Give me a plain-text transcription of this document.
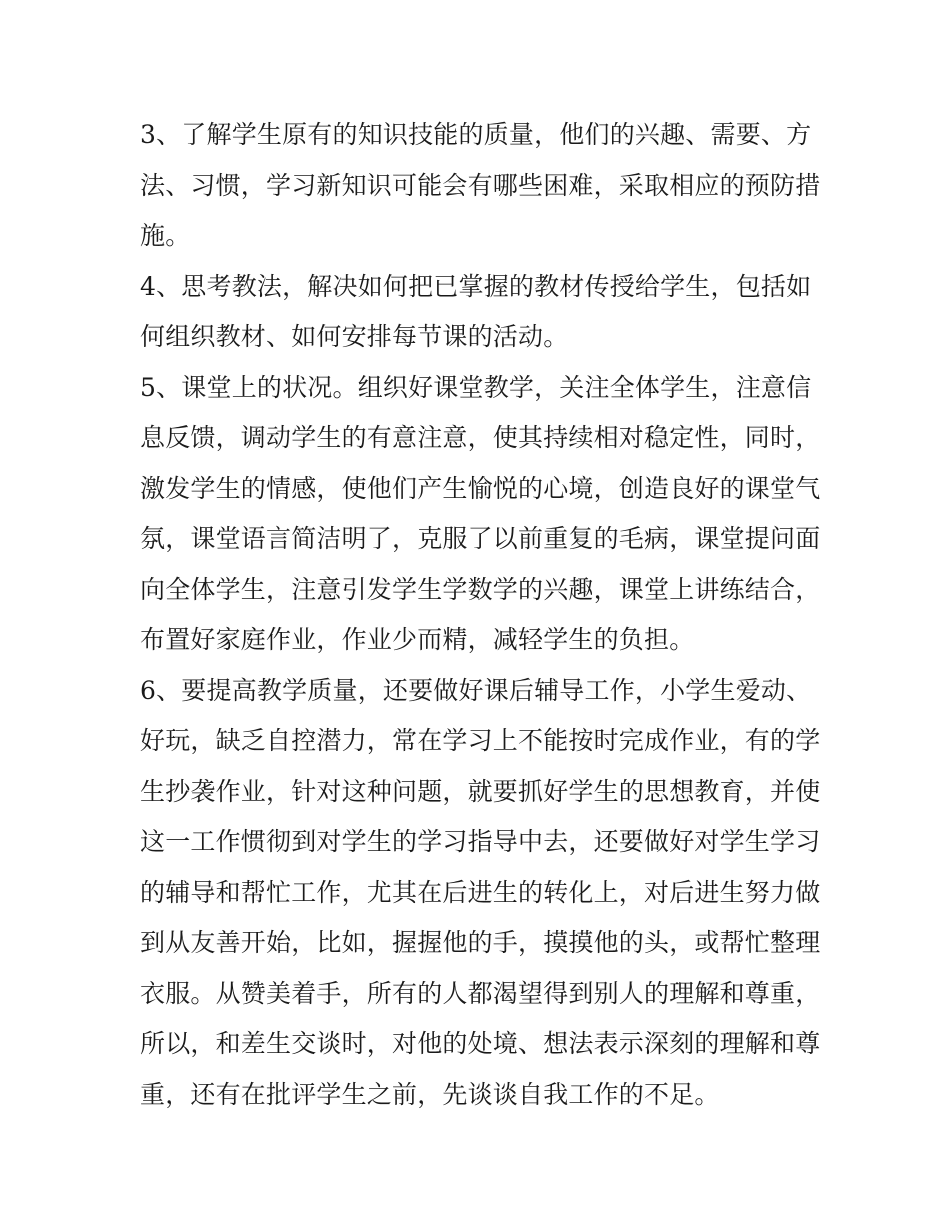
3、了解学生原有的知识技能的质量，他们的兴趣、需要、方
法、习惯，学习新知识可能会有哪些困难，采取相应的预防措
施。

4、思考教法，解决如何把已掌握的教材传授给学生，包括如
何组织教材、如何安排每节课的活动。

5、课堂上的状况。组织好课堂教学，关注全体学生，注意信
息反馈，调动学生的有意注意，使其持续相对稳定性，同时，
激发学生的情感，使他们产生愉悦的心境，创造良好的课堂气
氛，课堂语言简洁明了，克服了以前重复的毛病，课堂提问面
向全体学生，注意引发学生学数学的兴趣，课堂上讲练结合，
布置好家庭作业，作业少而精，减轻学生的负担。

6、要提高教学质量，还要做好课后辅导工作，小学生爱动、
好玩，缺乏自控潜力，常在学习上不能按时完成作业，有的学
生抄袭作业，针对这种问题，就要抓好学生的思想教育，并使
这一工作惯彻到对学生的学习指导中去，还要做好对学生学习
的辅导和帮忙工作，尤其在后进生的转化上，对后进生努力做
到从友善开始，比如，握握他的手，摸摸他的头，或帮忙整理
衣服。从赞美着手，所有的人都渴望得到别人的理解和尊重，
所以，和差生交谈时，对他的处境、想法表示深刻的理解和尊
重，还有在批评学生之前，先谈谈自我工作的不足。
